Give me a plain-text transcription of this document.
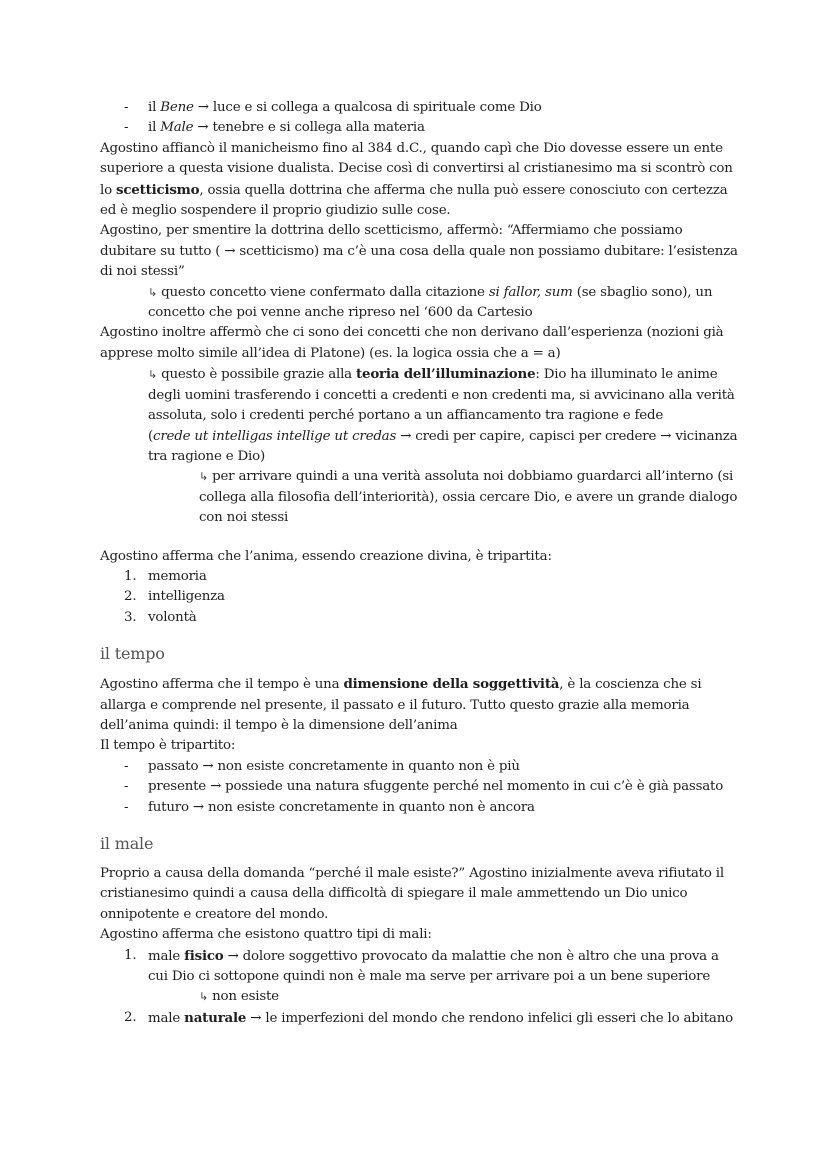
- il Bene → luce e si collega a qualcosa di spirituale come Dio
- il Male → tenebre e si collega alla materia

Agostino affiancò il manicheismo fino al 384 d.C., quando capì che Dio dovesse essere un ente superiore a questa visione dualista. Decise così di convertirsi al cristianesimo ma si scontrò con lo scetticismo, ossia quella dottrina che afferma che nulla può essere conosciuto con certezza ed è meglio sospendere il proprio giudizio sulle cose.

Agostino, per smentire la dottrina dello scetticismo, affermò: “Affermiamo che possiamo dubitare su tutto ( → scetticismo) ma c’è una cosa della quale non possiamo dubitare: l’esistenza di noi stessi”

↳ questo concetto viene confermato dalla citazione si fallor, sum (se sbaglio sono), un concetto che poi venne anche ripreso nel ‘600 da Cartesio

Agostino inoltre affermò che ci sono dei concetti che non derivano dall’esperienza (nozioni già apprese molto simile all’idea di Platone) (es. la logica ossia che a = a)

↳ questo è possibile grazie alla teoria dell’illuminazione: Dio ha illuminato le anime degli uomini trasferendo i concetti a credenti e non credenti ma, si avvicinano alla verità assoluta, solo i credenti perché portano a un affiancamento tra ragione e fede

(crede ut intelligas intellige ut credas → credi per capire, capisci per credere → vicinanza tra ragione e Dio)

↳ per arrivare quindi a una verità assoluta noi dobbiamo guardarci all’interno (si collega alla filosofia dell’interiorità), ossia cercare Dio, e avere un grande dialogo con noi stessi

Agostino afferma che l’anima, essendo creazione divina, è tripartita:

1. memoria
2. intelligenza
3. volontà
il tempo

Agostino afferma che il tempo è una dimensione della soggettività, è la coscienza che si allarga e comprende nel presente, il passato e il futuro. Tutto questo grazie alla memoria dell’anima quindi: il tempo è la dimensione dell’anima

Il tempo è tripartito:

- passato → non esiste concretamente in quanto non è più
- presente → possiede una natura sfuggente perché nel momento in cui c’è è già passato
- futuro → non esiste concretamente in quanto non è ancora
il male

Proprio a causa della domanda “perché il male esiste?” Agostino inizialmente aveva rifiutato il cristianesimo quindi a causa della difficoltà di spiegare il male ammettendo un Dio unico onnipotente e creatore del mondo.

Agostino afferma che esistono quattro tipi di mali:

1. male fisico → dolore soggettivo provocato da malattie che non è altro che una prova a cui Dio ci sottopone quindi non è male ma serve per arrivare poi a un bene superiore

↳ non esiste

2. male naturale → le imperfezioni del mondo che rendono infelici gli esseri che lo abitano
